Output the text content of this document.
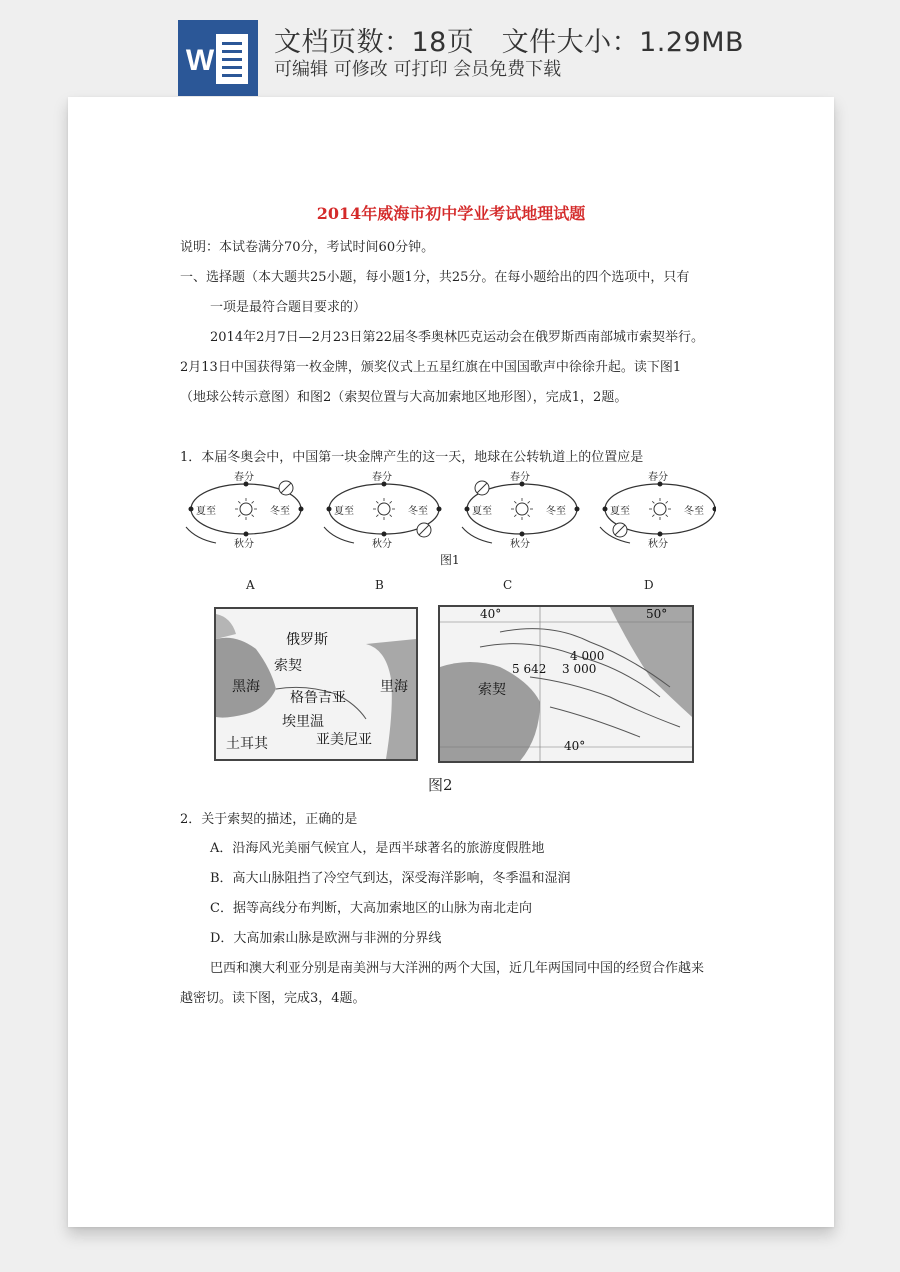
W
文档页数：18页   文件大小：1.29MB
可编辑 可修改 可打印 会员免费下载
2014年威海市初中学业考试地理试题
说明：本试卷满分70分，考试时间60分钟。
一、选择题（本大题共25小题，每小题1分，共25分。在每小题给出的四个选项中，只有
一项是最符合题目要求的）
2014年2月7日—2月23日第22届冬季奥林匹克运动会在俄罗斯西南部城市索契举行。
2月13日中国获得第一枚金牌，颁奖仪式上五星红旗在中国国歌声中徐徐升起。读下图1
（地球公转示意图）和图2（索契位置与大高加索地区地形图），完成1，2题。
1．本届冬奥会中，中国第一块金牌产生的这一天，地球在公转轨道上的位置应是
春分
秋分
夏至	冬至
春分
秋分
夏至	冬至
春分
秋分
夏至	冬至
春分
秋分
夏至	冬至
图1
A	B	C	D
俄罗斯
索契
黑海
格鲁吉亚
里海
埃里温
土耳其	亚美尼亚
40°	50°
5 642 3 000
4 000
索契
40°
图2
2．关于索契的描述，正确的是
A．沿海风光美丽气候宜人，是西半球著名的旅游度假胜地
B．高大山脉阻挡了冷空气到达，深受海洋影响，冬季温和湿润
C．据等高线分布判断，大高加索地区的山脉为南北走向
D．大高加索山脉是欧洲与非洲的分界线
巴西和澳大利亚分别是南美洲与大洋洲的两个大国，近几年两国同中国的经贸合作越来
越密切。读下图，完成3，4题。
